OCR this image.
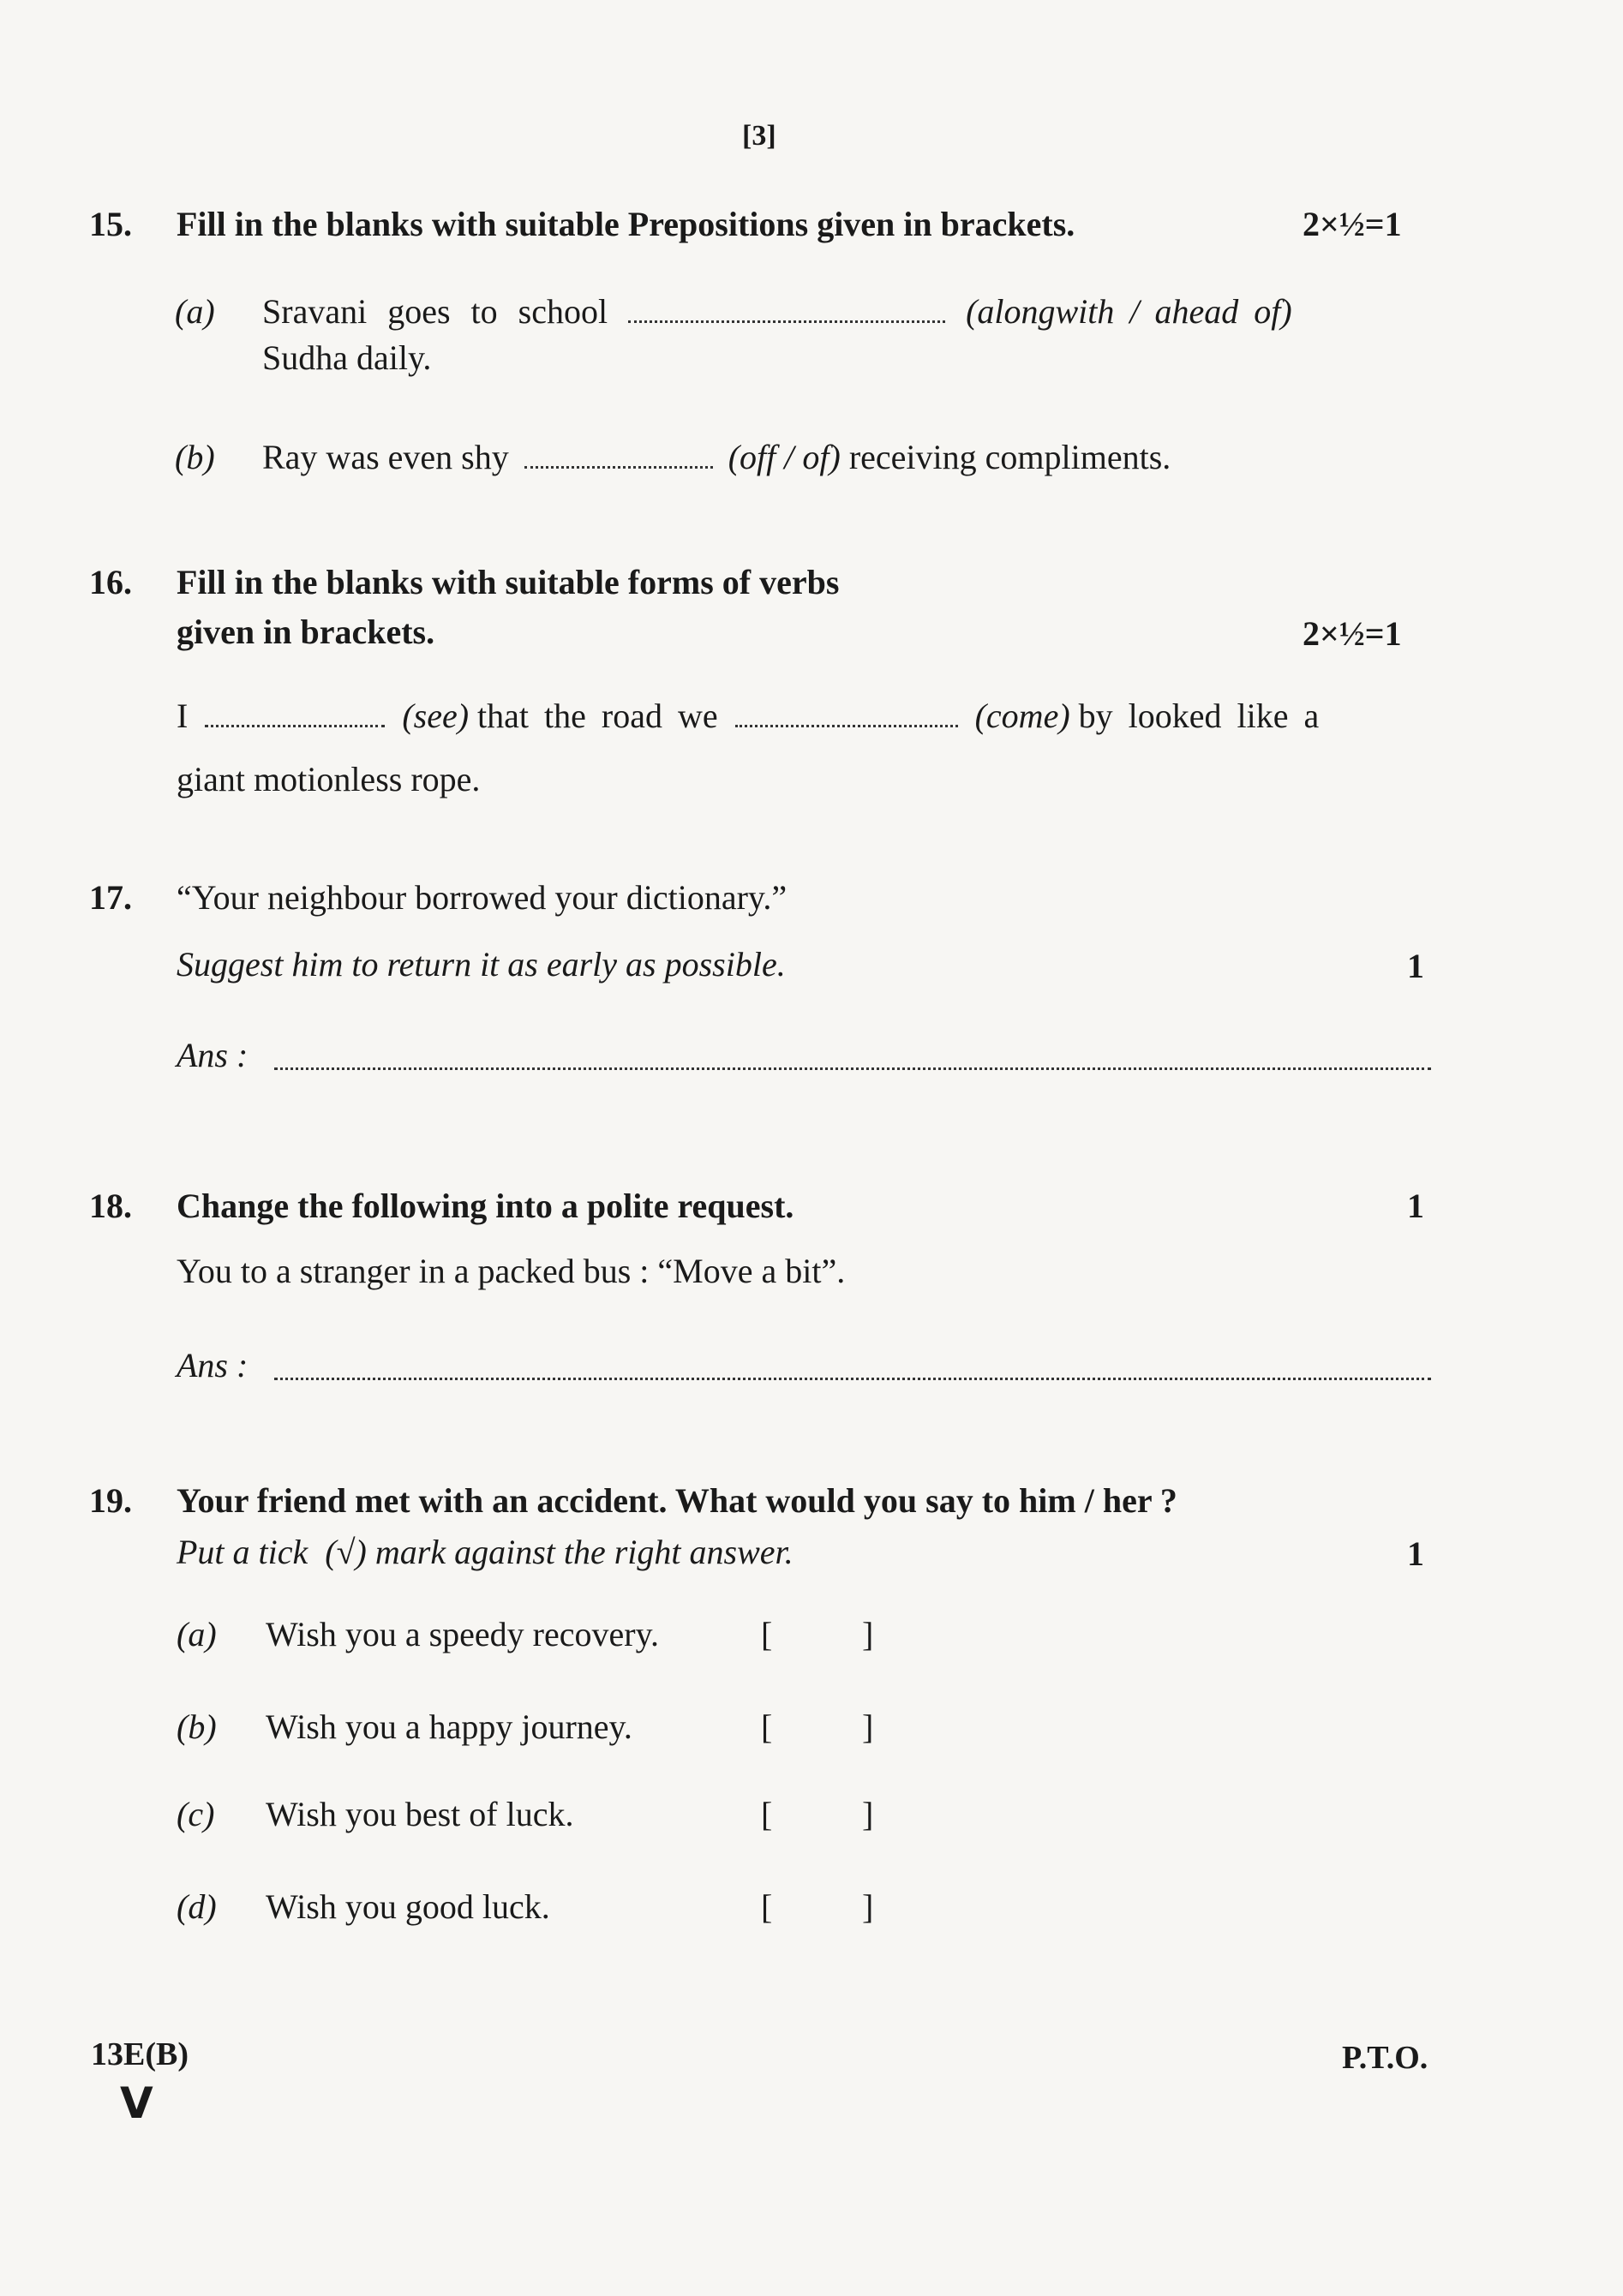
[3]
15. Fill in the blanks with suitable Prepositions given in brackets.	2×½=1
(a) Sravani goes to school	(alongwith / ahead of)
Sudha daily.
(b) Ray was even shy	(off / of) receiving compliments.
16. Fill in the blanks with suitable forms of verbs
given in brackets.	2×½=1
I	(see) that the road we	(come) by looked like a
giant motionless rope.
17. “Your neighbour borrowed your dictionary.”
Suggest him to return it as early as possible.	1
Ans :
18. Change the following into a polite request.	1
You to a stranger in a packed bus : “Move a bit”.
Ans :
19. Your friend met with an accident. What would you say to him / her ?
Put a tick  (√) mark against the right answer.	1
(a) Wish you a speedy recovery.	[	]
(b) Wish you a happy journey.	[	]
(c) Wish you best of luck.	[	]
(d) Wish you good luck.	[	]
13E(B)	P.T.O.
V
